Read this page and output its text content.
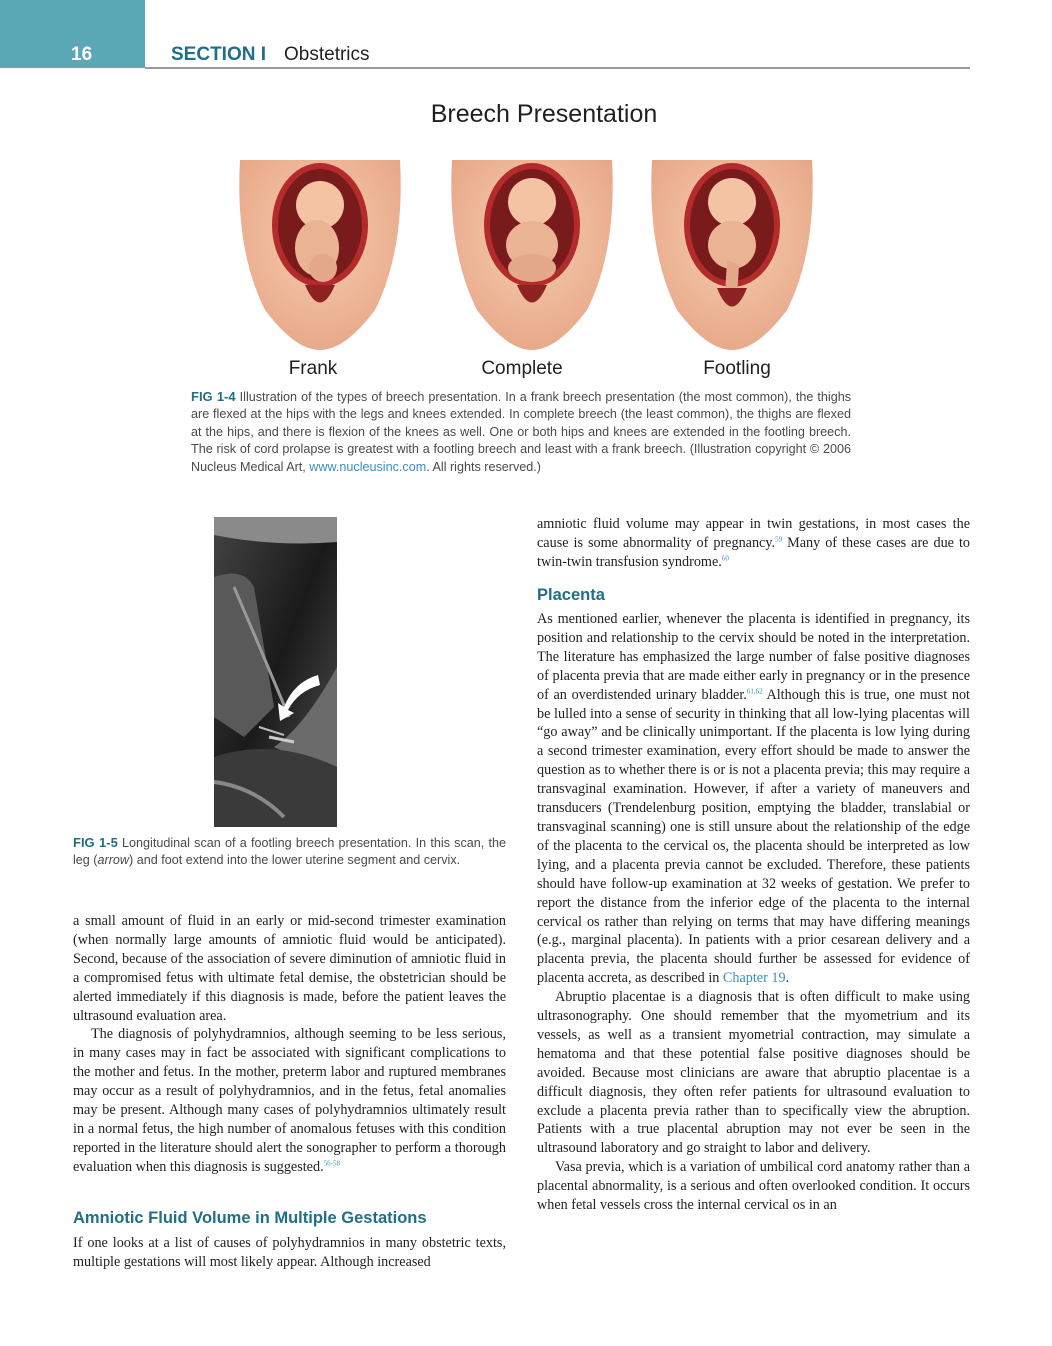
16	SECTION I Obstetrics
Breech Presentation
Frank	Complete	Footling
FIG 1-4 Illustration of the types of breech presentation. In a frank breech presentation (the most common), the thighs are flexed at the hips with the legs and knees extended. In complete breech (the least common), the thighs are flexed at the hips, and there is flexion of the knees as well. One or both hips and knees are extended in the footling breech. The risk of cord prolapse is greatest with a footling breech and least with a frank breech. (Illustration copyright © 2006 Nucleus Medical Art, www.nucleusinc.com. All rights reserved.)
FIG 1-5 Longitudinal scan of a footling breech presentation. In this scan, the leg (arrow) and foot extend into the lower uterine segment and cervix.

a small amount of fluid in an early or mid-second trimester examination (when normally large amounts of amniotic fluid would be anticipated). Second, because of the association of severe diminution of amniotic fluid in a compromised fetus with ultimate fetal demise, the obstetrician should be alerted immediately if this diagnosis is made, before the patient leaves the ultrasound evaluation area.

The diagnosis of polyhydramnios, although seeming to be less serious, in many cases may in fact be associated with significant complications to the mother and fetus. In the mother, preterm labor and ruptured membranes may occur as a result of polyhydramnios, and in the fetus, fetal anomalies may be present. Although many cases of polyhydramnios ultimately result in a normal fetus, the high number of anomalous fetuses with this condition reported in the literature should alert the sonographer to perform a thorough evaluation when this diagnosis is suggested.$^{56-58}$

Amniotic Fluid Volume in Multiple Gestations
If one looks at a list of causes of polyhydramnios in many obstetric texts, multiple gestations will most likely appear. Although increased
amniotic fluid volume may appear in twin gestations, in most cases the cause is some abnormality of pregnancy.$^{59}$ Many of these cases are due to twin-twin transfusion syndrome.$^{60}$
Placenta

As mentioned earlier, whenever the placenta is identified in pregnancy, its position and relationship to the cervix should be noted in the interpretation. The literature has emphasized the large number of false positive diagnoses of placenta previa that are made either early in pregnancy or in the presence of an overdistended urinary bladder.$^{61,62}$ Although this is true, one must not be lulled into a sense of security in thinking that all low-lying placentas will “go away” and be clinically unimportant. If the placenta is low lying during a second trimester examination, every effort should be made to answer the question as to whether there is or is not a placenta previa; this may require a transvaginal examination. However, if after a variety of maneuvers and transducers (Trendelenburg position, emptying the bladder, translabial or transvaginal scanning) one is still unsure about the relationship of the edge of the placenta to the cervical os, the placenta should be interpreted as low lying, and a placenta previa cannot be excluded. Therefore, these patients should have follow-up examination at 32 weeks of gestation. We prefer to report the distance from the inferior edge of the placenta to the internal cervical os rather than relying on terms that may have differing meanings (e.g., marginal placenta). In patients with a prior cesarean delivery and a placenta previa, the placenta should further be assessed for evidence of placenta accreta, as described in Chapter 19.

Abruptio placentae is a diagnosis that is often difficult to make using ultrasonography. One should remember that the myometrium and its vessels, as well as a transient myometrial contraction, may simulate a hematoma and that these potential false positive diagnoses should be avoided. Because most clinicians are aware that abruptio placentae is a difficult diagnosis, they often refer patients for ultrasound evaluation to exclude a placenta previa rather than to specifically view the abruption. Patients with a true placental abruption may not ever be seen in the ultrasound laboratory and go straight to labor and delivery.

Vasa previa, which is a variation of umbilical cord anatomy rather than a placental abnormality, is a serious and often overlooked condition. It occurs when fetal vessels cross the internal cervical os in an
